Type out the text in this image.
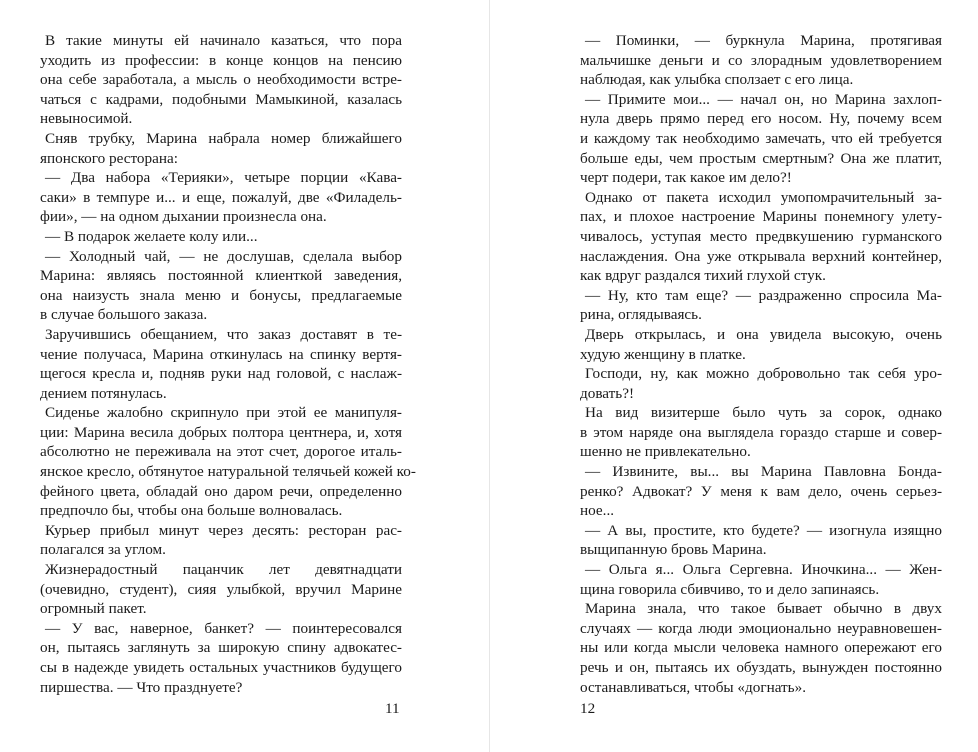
В такие минуты ей начинало казаться, что пора
уходить из профессии: в конце концов на пенсию
она себе заработала, а мысль о необходимости встре-
чаться с кадрами, подобными Мамыкиной, казалась
невыносимой.

Сняв трубку, Марина набрала номер ближайшего
японского ресторана:

— Два набора «Терияки», четыре порции «Кава-
саки» в темпуре и... и еще, пожалуй, две «Филадель-
фии», — на одном дыхании произнесла она.

— В подарок желаете колу или...

— Холодный чай, — не дослушав, сделала выбор
Марина: являясь постоянной клиенткой заведения,
она наизусть знала меню и бонусы, предлагаемые
в случае большого заказа.

Заручившись обещанием, что заказ доставят в те-
чение получаса, Марина откинулась на спинку вертя-
щегося кресла и, подняв руки над головой, с наслаж-
дением потянулась.

Сиденье жалобно скрипнуло при этой ее манипуля-
ции: Марина весила добрых полтора центнера, и, хотя
абсолютно не переживала на этот счет, дорогое италь-
янское кресло, обтянутое натуральной телячьей кожей ко-
фейного цвета, обладай оно даром речи, определенно
предпочло бы, чтобы она больше волновалась.

Курьер прибыл минут через десять: ресторан рас-
полагался за углом.

Жизнерадостный пацанчик лет девятнадцати
(очевидно, студент), сияя улыбкой, вручил Марине
огромный пакет.

— У вас, наверное, банкет? — поинтересовался
он, пытаясь заглянуть за широкую спину адвокатес-
сы в надежде увидеть остальных участников будущего
пиршества. — Что празднуете?

— Поминки, — буркнула Марина, протягивая
мальчишке деньги и со злорадным удовлетворением
наблюдая, как улыбка сползает с его лица.

— Примите мои... — начал он, но Марина захлоп-
нула дверь прямо перед его носом. Ну, почему всем
и каждому так необходимо замечать, что ей требуется
больше еды, чем простым смертным? Она же платит,
черт подери, так какое им дело?!

Однако от пакета исходил умопомрачительный за-
пах, и плохое настроение Марины понемногу улету-
чивалось, уступая место предвкушению гурманского
наслаждения. Она уже открывала верхний контейнер,
как вдруг раздался тихий глухой стук.

— Ну, кто там еще? — раздраженно спросила Ма-
рина, оглядываясь.

Дверь открылась, и она увидела высокую, очень
худую женщину в платке.

Господи, ну, как можно добровольно так себя уро-
довать?!

На вид визитерше было чуть за сорок, однако
в этом наряде она выглядела гораздо старше и совер-
шенно не привлекательно.

— Извините, вы... вы Марина Павловна Бонда-
ренко? Адвокат? У меня к вам дело, очень серьез-
ное...

— А вы, простите, кто будете? — изогнула изящно
выщипанную бровь Марина.

— Ольга я... Ольга Сергевна. Иночкина... — Жен-
щина говорила сбивчиво, то и дело запинаясь.

Марина знала, что такое бывает обычно в двух
случаях — когда люди эмоционально неуравновешен-
ны или когда мысли человека намного опережают его
речь и он, пытаясь их обуздать, вынужден постоянно
останавливаться, чтобы «догнать».

11	12
